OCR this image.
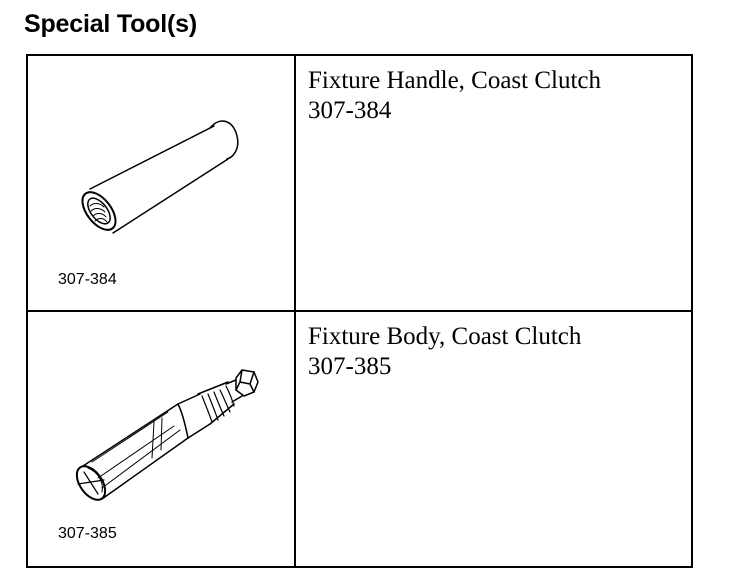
Special Tool(s)
307-384
Fixture Handle, Coast Clutch
307-384
307-385
Fixture Body, Coast Clutch
307-385
